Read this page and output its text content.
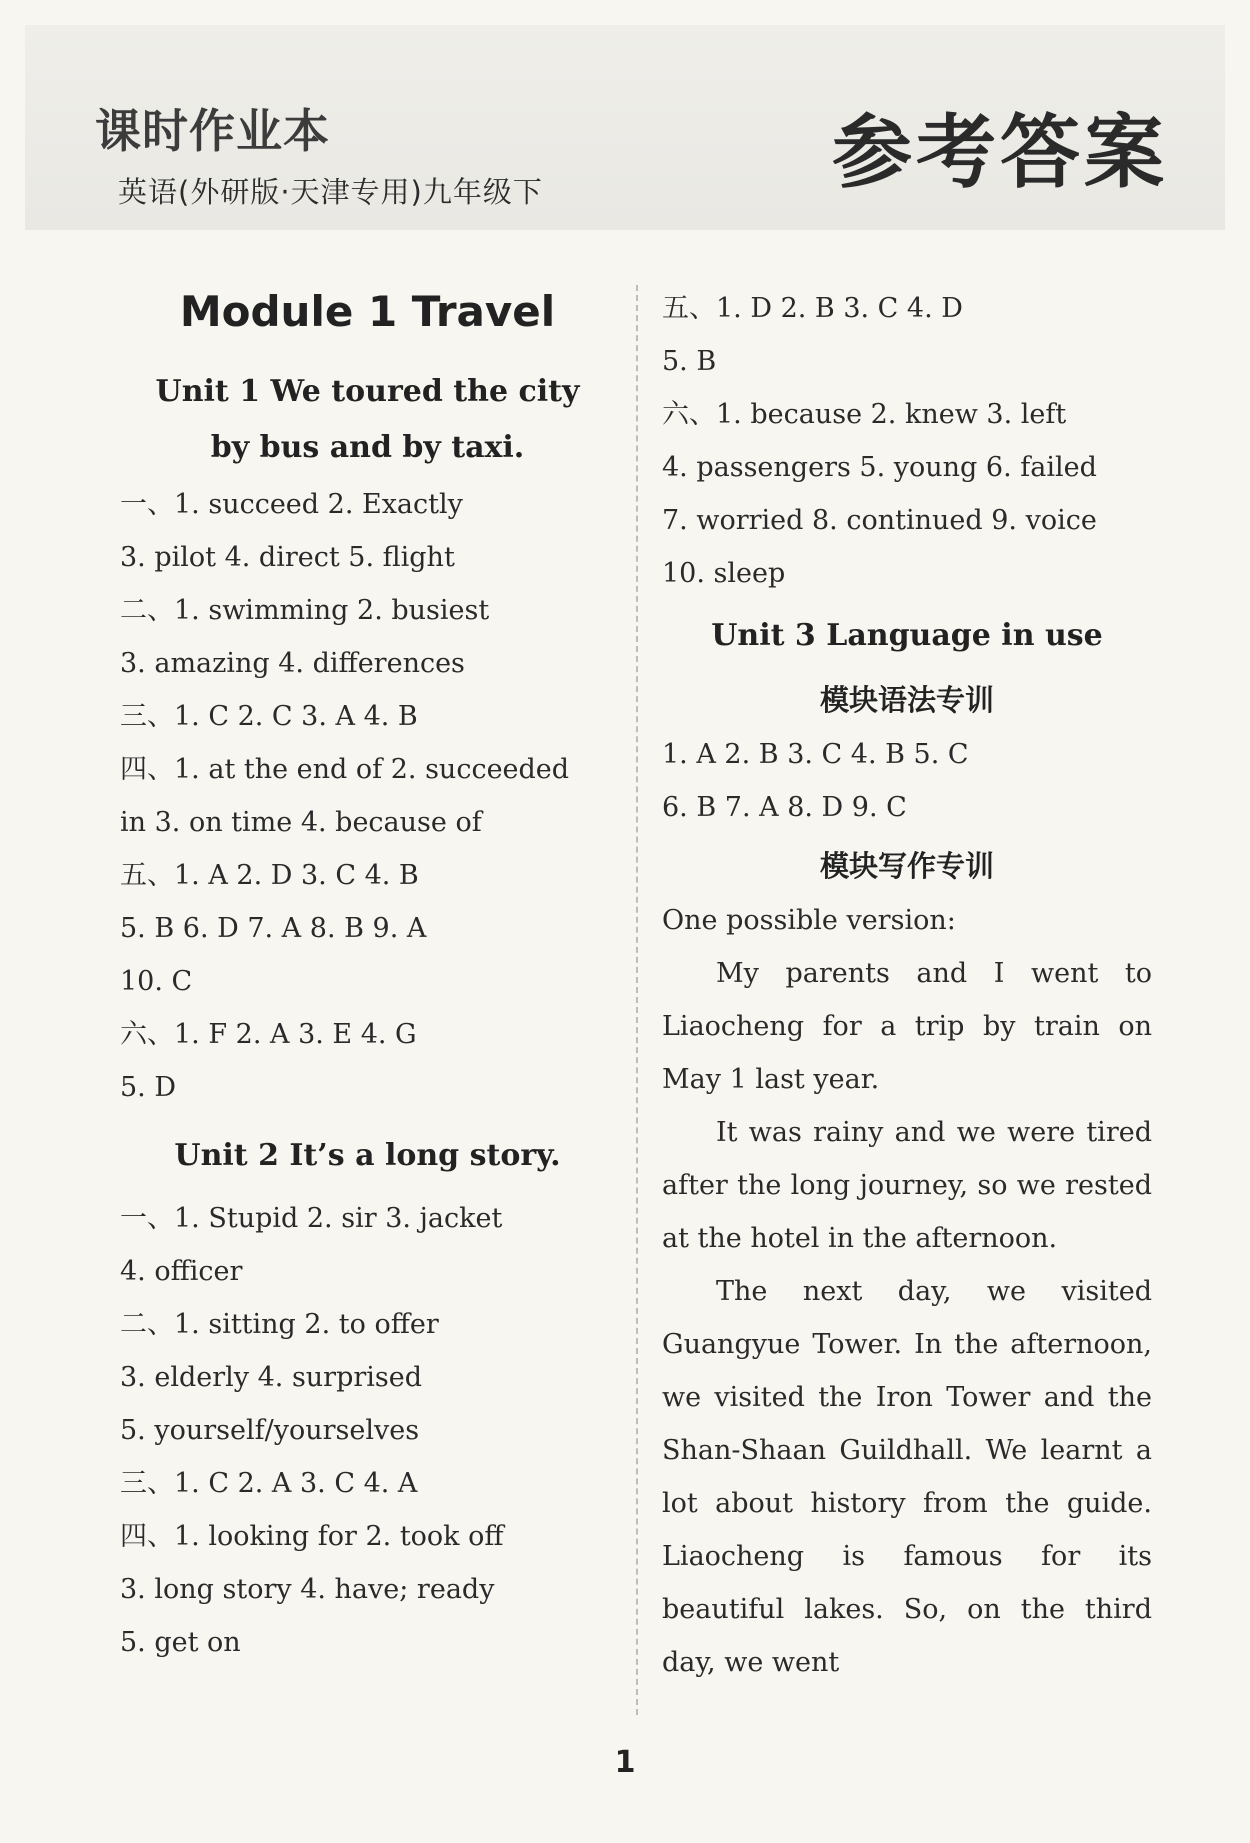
课时作业本
英语(外研版·天津专用)九年级下	参考答案
Module 1 Travel
Unit 1 We toured the city
by bus and by taxi.
一、1. succeed 2. Exactly
3. pilot 4. direct 5. flight
二、1. swimming 2. busiest
3. amazing 4. differences
三、1. C 2. C 3. A 4. B
四、1. at the end of 2. succeeded
in 3. on time 4. because of
五、1. A 2. D 3. C 4. B
5. B 6. D 7. A 8. B 9. A
10. C
六、1. F 2. A 3. E 4. G
5. D
Unit 2 It’s a long story.
一、1. Stupid 2. sir 3. jacket
4. officer
二、1. sitting 2. to offer
3. elderly 4. surprised
5. yourself/yourselves
三、1. C 2. A 3. C 4. A
四、1. looking for 2. took off
3. long story 4. have; ready
5. get on
五、1. D 2. B 3. C 4. D
5. B
六、1. because 2. knew 3. left
4. passengers 5. young 6. failed
7. worried 8. continued 9. voice
10. sleep
Unit 3 Language in use
模块语法专训
1. A 2. B 3. C 4. B 5. C
6. B 7. A 8. D 9. C
模块写作专训

One possible version:

My parents and I went to Liaocheng for a trip by train on May 1 last year.

It was rainy and we were tired after the long journey, so we rested at the hotel in the afternoon.

The next day, we visited Guangyue Tower. In the afternoon, we visited the Iron Tower and the Shan-Shaan Guildhall. We learnt a lot about history from the guide. Liaocheng is famous for its beautiful lakes. So, on the third day, we went

1
